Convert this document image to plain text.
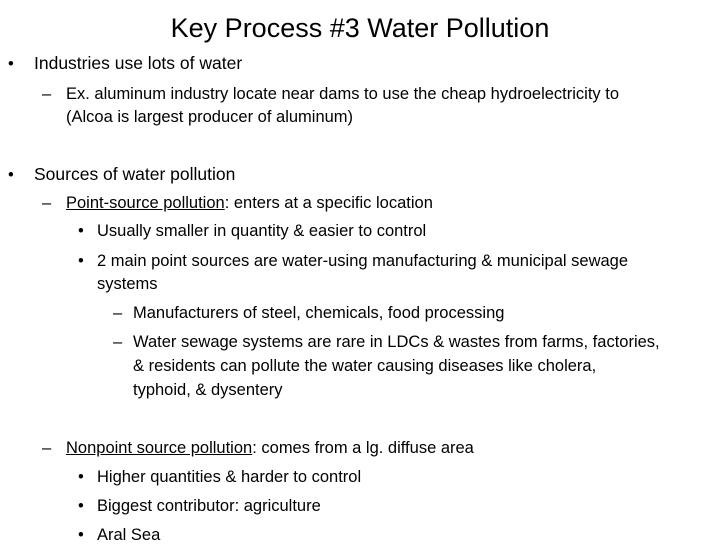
Key Process #3 Water Pollution
• Industries use lots of water
– Ex. aluminum industry locate near dams to use the cheap hydroelectricity to
(Alcoa is largest producer of aluminum)
• Sources of water pollution
– Point-source pollution: enters at a specific location
• Usually smaller in quantity & easier to control
• 2 main point sources are water-using manufacturing & municipal sewage
systems
– Manufacturers of steel, chemicals, food processing
– Water sewage systems are rare in LDCs & wastes from farms, factories,
& residents can pollute the water causing diseases like cholera,
typhoid, & dysentery
– Nonpoint source pollution: comes from a lg. diffuse area
• Higher quantities & harder to control
• Biggest contributor: agriculture
• Aral Sea
